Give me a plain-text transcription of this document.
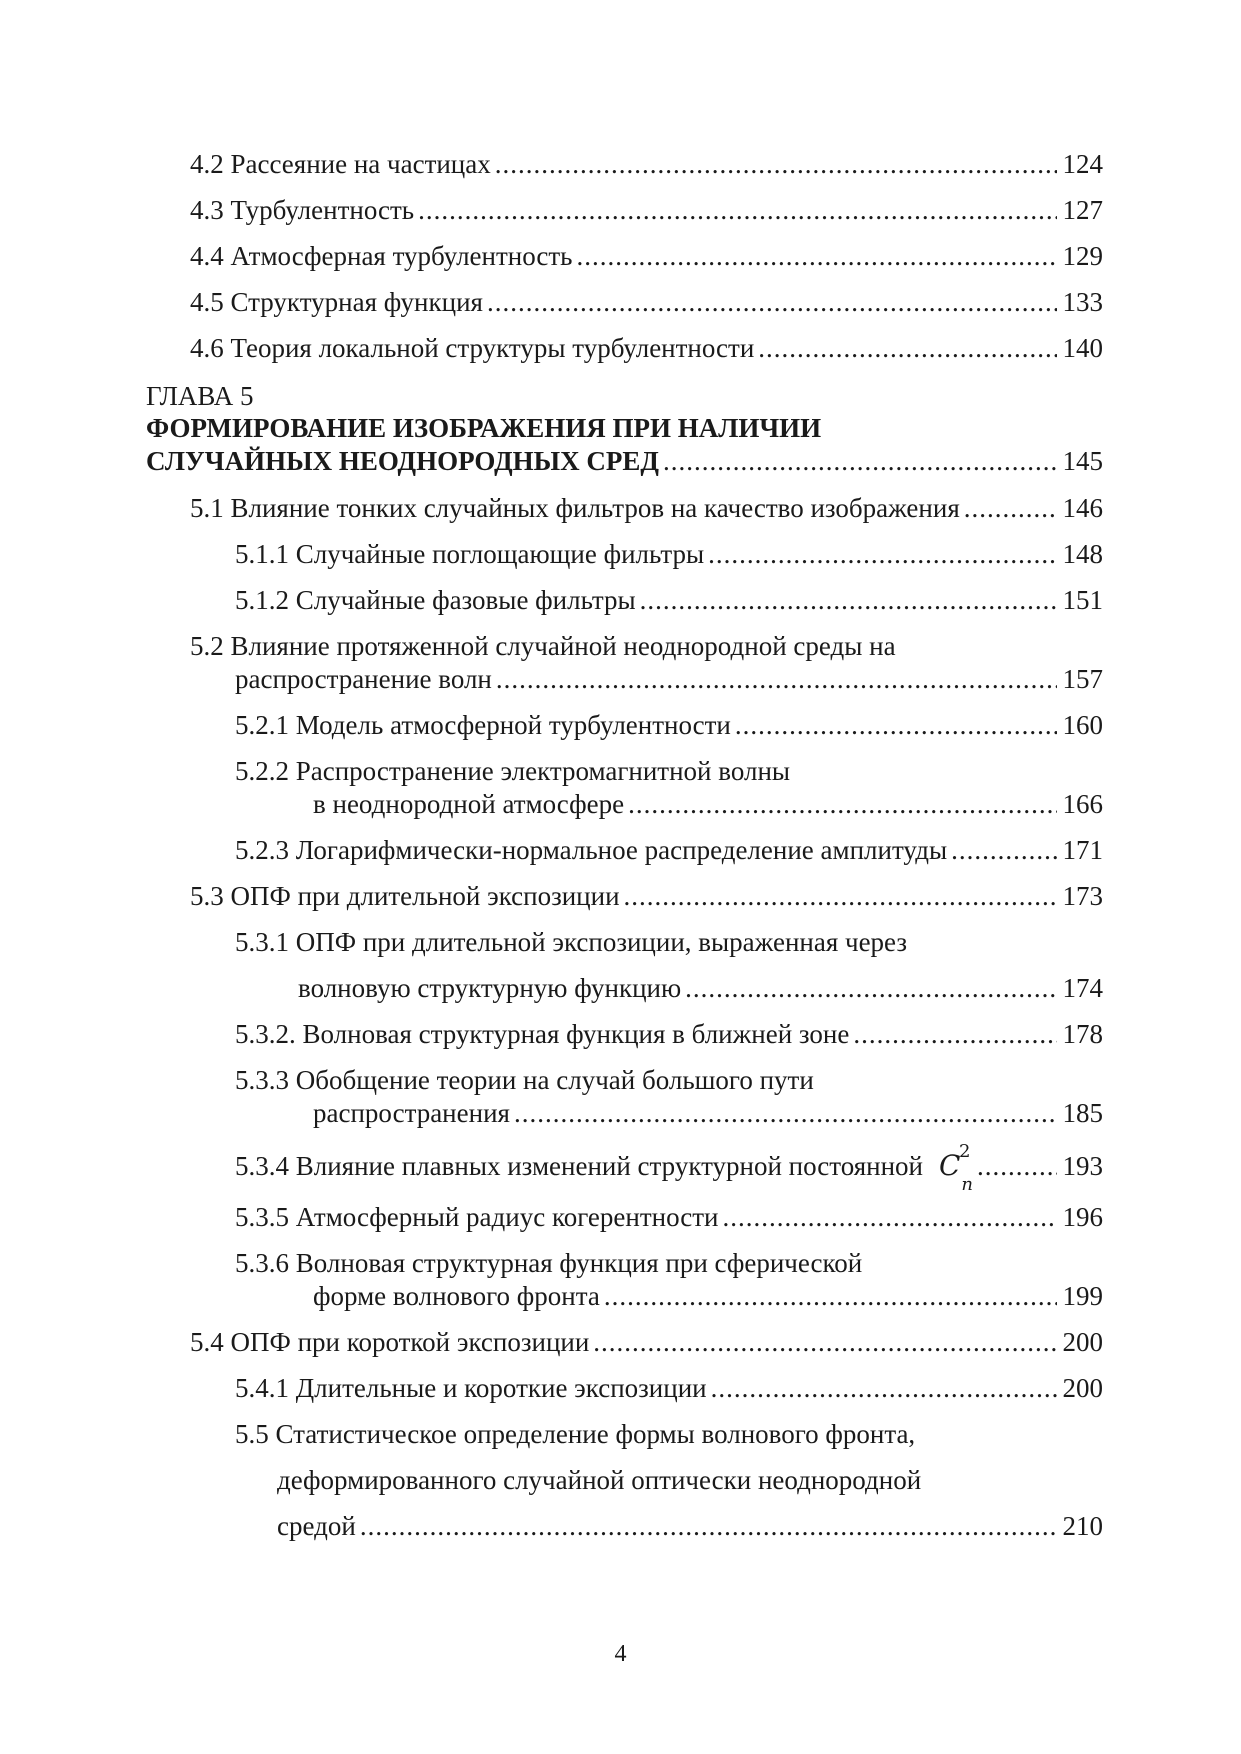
4.2 Рассеяние на частицах .....	124
4.3 Турбулентность .....	127
4.4 Атмосферная турбулентность .....	129
4.5 Структурная функция .....	133
4.6 Теория локальной структуры турбулентности .....	140
ГЛАВА 5
ФОРМИРОВАНИЕ ИЗОБРАЖЕНИЯ ПРИ НАЛИЧИИ
СЛУЧАЙНЫХ НЕОДНОРОДНЫХ СРЕД .....	145
5.1 Влияние тонких случайных фильтров на качество изображения .....	146
5.1.1 Случайные поглощающие фильтры .....	148
5.1.2 Случайные фазовые фильтры .....	151
5.2 Влияние протяженной случайной неоднородной среды на
распространение волн .....	157
5.2.1 Модель атмосферной турбулентности .....	160
5.2.2 Распространение электромагнитной волны
в неоднородной атмосфере .....	166
5.2.3 Логарифмически-нормальное распределение амплитуды .....	171
5.3 ОПФ при длительной экспозиции .....	173
5.3.1 ОПФ при длительной экспозиции, выраженная через
волновую структурную функцию .....	174
5.3.2. Волновая структурная функция в ближней зоне .....	178
5.3.3 Обобщение теории на случай большого пути
распространения .....	185
5.3.4 Влияние плавных изменений структурной постоянной $C_n$
2 .....	193
5.3.5 Атмосферный радиус когерентности .....	196
5.3.6 Волновая структурная функция при сферической
форме волнового фронта .....	199
5.4 ОПФ при короткой экспозиции .....	200
5.4.1 Длительные и короткие экспозиции .....	200
5.5 Статистическое определение формы волнового фронта,
деформированного случайной оптически неоднородной
средой .....	210
4
